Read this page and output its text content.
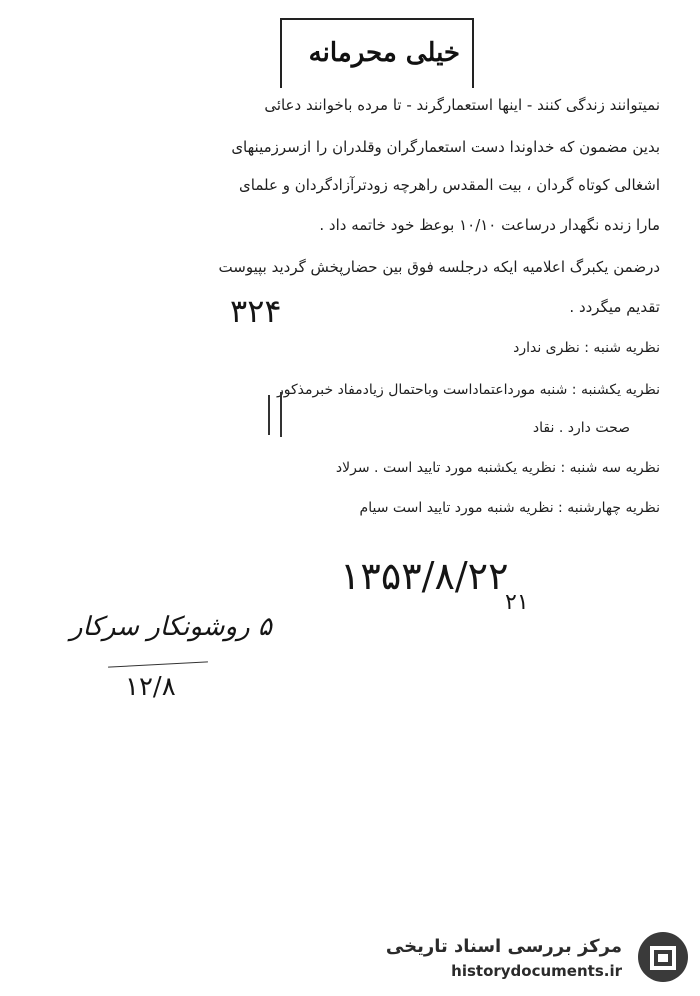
خیلی محرمانه
نمیتوانند زندگی کنند - اینها استعمارگرند - تا مرده باخوانند دعائی
بدین مضمون که خداوندا دست استعمارگران وقلدران را ازسرزمینهای
اشغالی کوتاه گردان ، بیت المقدس راهرچه زودترآزادگردان و علمای
مارا زنده نگهدار درساعت ۱۰/۱۰ بوعظ خود خاتمه داد .
درضمن یکبرگ اعلامیه ایکه درجلسه فوق بین حضارپخش گردید بپیوست
تقدیم میگردد .
۳۲۴
نظریه شنبه : نظری ندارد
نظریه یکشنبه : شنبه مورداعتماداست وباحتمال زیادمفاد خبرمذکور
صحت دارد . نقاد
نظریه سه شنبه : نظریه یکشنبه مورد تایید است . سرلاد
نظریه چهارشنبه : نظریه شنبه مورد تایید است سیام
۱۳۵۳/۸/۲۲
۲۱
۵ روشونکار سرکار
۱۲/۸
مرکز بررسی اسناد تاریخی
historydocuments.ir
